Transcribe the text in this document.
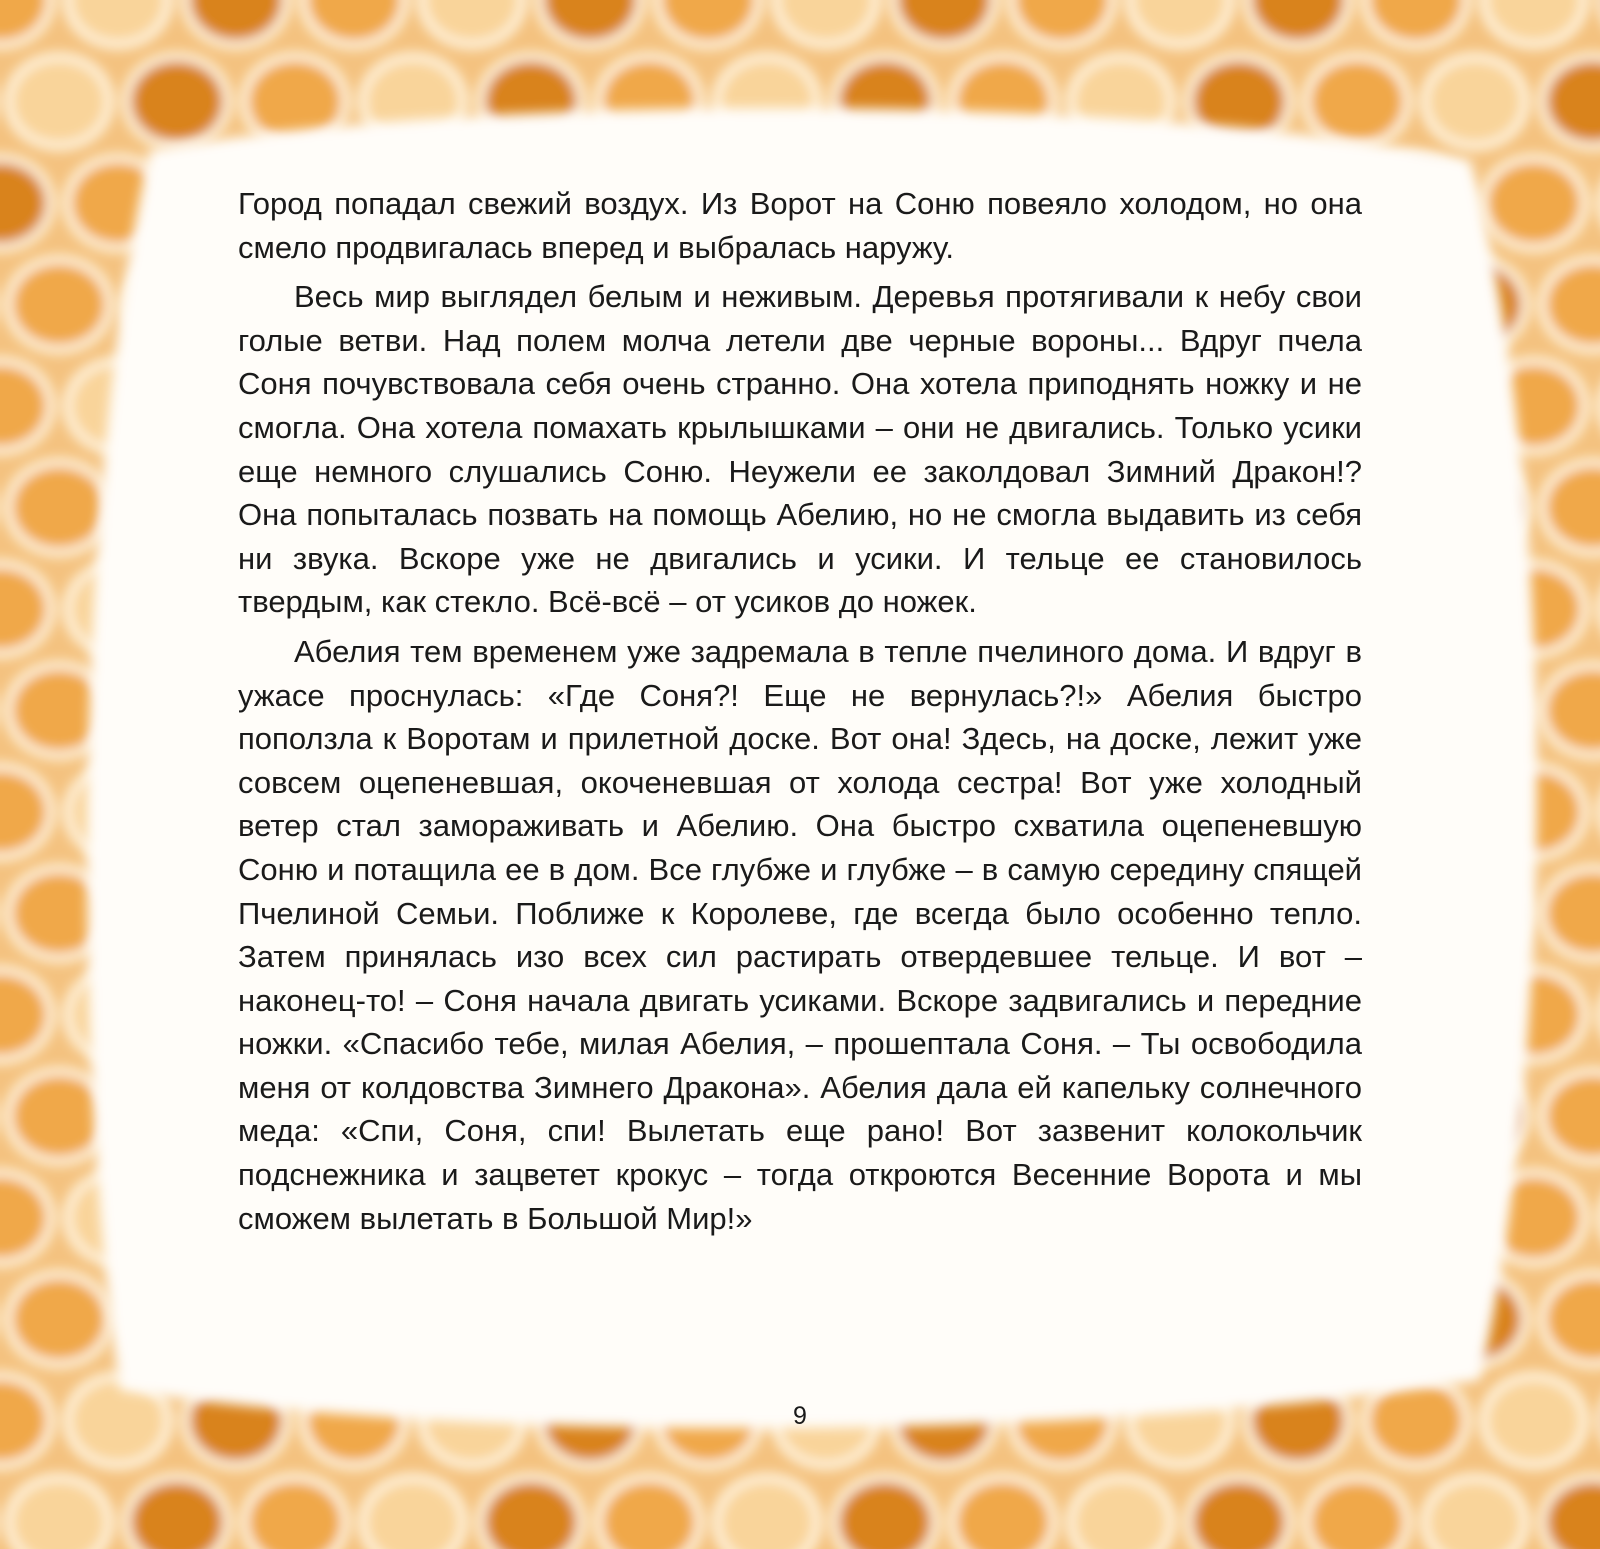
Город попадал свежий воздух. Из Ворот на Соню повеяло холодом, но она смело продвигалась вперед и выбралась наружу.

Весь мир выглядел белым и неживым. Деревья протягивали к небу свои голые ветви. Над полем молча летели две черные вороны... Вдруг пчела Соня почувствовала себя очень странно. Она хотела приподнять ножку и не смогла. Она хотела помахать крылышками – они не двигались. Только усики еще немного слушались Соню. Неужели ее заколдовал Зимний Дракон!? Она попыталась позвать на помощь Абелию, но не смогла выдавить из себя ни звука. Вскоре уже не двигались и усики. И тельце ее становилось твердым, как стекло. Всё-всё – от усиков до ножек.

Абелия тем временем уже задремала в тепле пчелиного дома. И вдруг в ужасе проснулась: «Где Соня?! Еще не вернулась?!» Абелия быстро поползла к Воротам и прилетной доске. Вот она! Здесь, на доске, лежит уже совсем оцепеневшая, окоченевшая от холода сестра! Вот уже холодный ветер стал замораживать и Абелию. Она быстро схватила оцепеневшую Соню и потащила ее в дом. Все глубже и глубже – в самую середину спящей Пчелиной Семьи. Поближе к Королеве, где всегда было особенно тепло. Затем принялась изо всех сил растирать отвердевшее тельце. И вот – наконец-то! – Соня начала двигать усиками. Вскоре задвигались и передние ножки. «Спасибо тебе, милая Абелия, – прошептала Соня. – Ты освободила меня от колдовства Зимнего Дракона». Абелия дала ей капельку солнечного меда: «Спи, Соня, спи! Вылетать еще рано! Вот зазвенит колокольчик подснежника и зацветет крокус – тогда откроются Весенние Ворота и мы сможем вылетать в Большой Мир!»

9
